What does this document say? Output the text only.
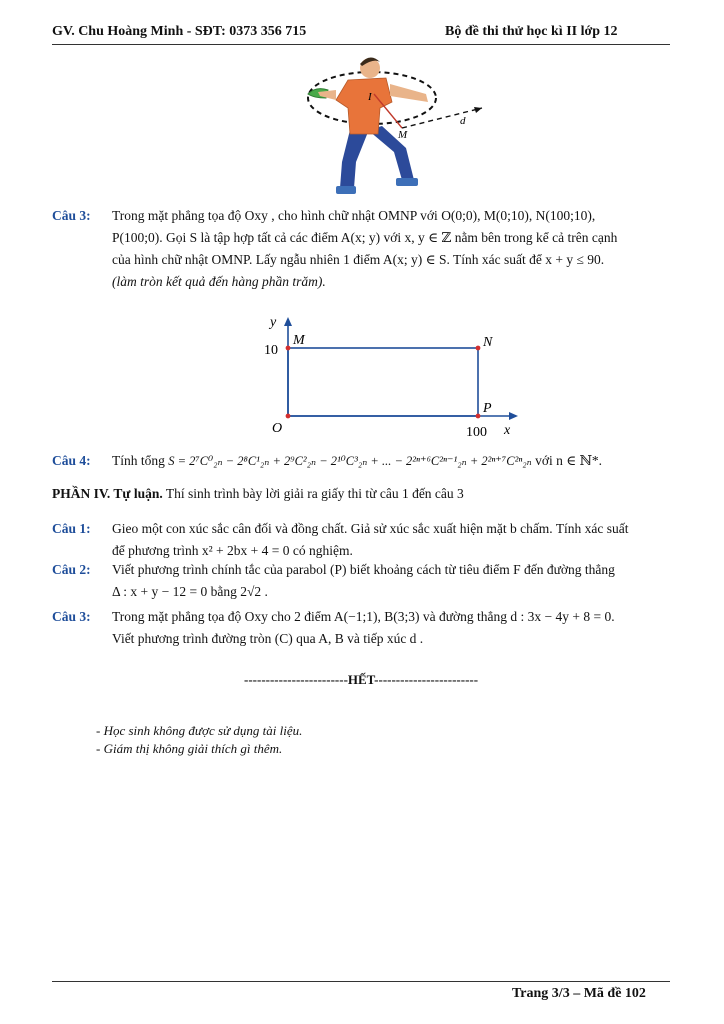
GV. Chu Hoàng Minh - SĐT: 0373 356 715	Bộ đề thi thử học kì II lớp 12
I
M
d
Câu 3: Trong mặt phẳng tọa độ Oxy , cho hình chữ nhật OMNP với O(0;0), M(0;10), N(100;10),
P(100;0). Gọi S là tập hợp tất cả các điểm A(x; y) với x, y ∈ ℤ nằm bên trong kể cả trên cạnh
của hình chữ nhật OMNP. Lấy ngẫu nhiên 1 điểm A(x; y) ∈ S. Tính xác suất để x + y ≤ 90.
(làm tròn kết quả đến hàng phần trăm).
y
x
M	N
P
O
10
100
Câu 4: Tính tổng S = 2⁷C⁰₂ₙ − 2⁸C¹₂ₙ + 2⁹C²₂ₙ − 2¹⁰C³₂ₙ + ... − 2²ⁿ⁺⁶C²ⁿ⁻¹₂ₙ + 2²ⁿ⁺⁷C²ⁿ₂ₙ với n ∈ ℕ*.
PHẦN IV. Tự luận. Thí sinh trình bày lời giải ra giấy thi từ câu 1 đến câu 3
Câu 1: Gieo một con xúc sắc cân đối và đồng chất. Giả sử xúc sắc xuất hiện mặt b chấm. Tính xác suất
để phương trình x² + 2bx + 4 = 0 có nghiệm.
Câu 2: Viết phương trình chính tắc của parabol (P) biết khoảng cách từ tiêu điểm F đến đường thẳng
Δ : x + y − 12 = 0 bằng 2√2 .
Câu 3: Trong mặt phẳng tọa độ Oxy cho 2 điểm A(−1;1), B(3;3) và đường thẳng d : 3x − 4y + 8 = 0.
Viết phương trình đường tròn (C) qua A, B và tiếp xúc d .
------------------------HẾT------------------------
- Học sinh không được sử dụng tài liệu.
- Giám thị không giải thích gì thêm.
Trang 3/3 – Mã đề 102
